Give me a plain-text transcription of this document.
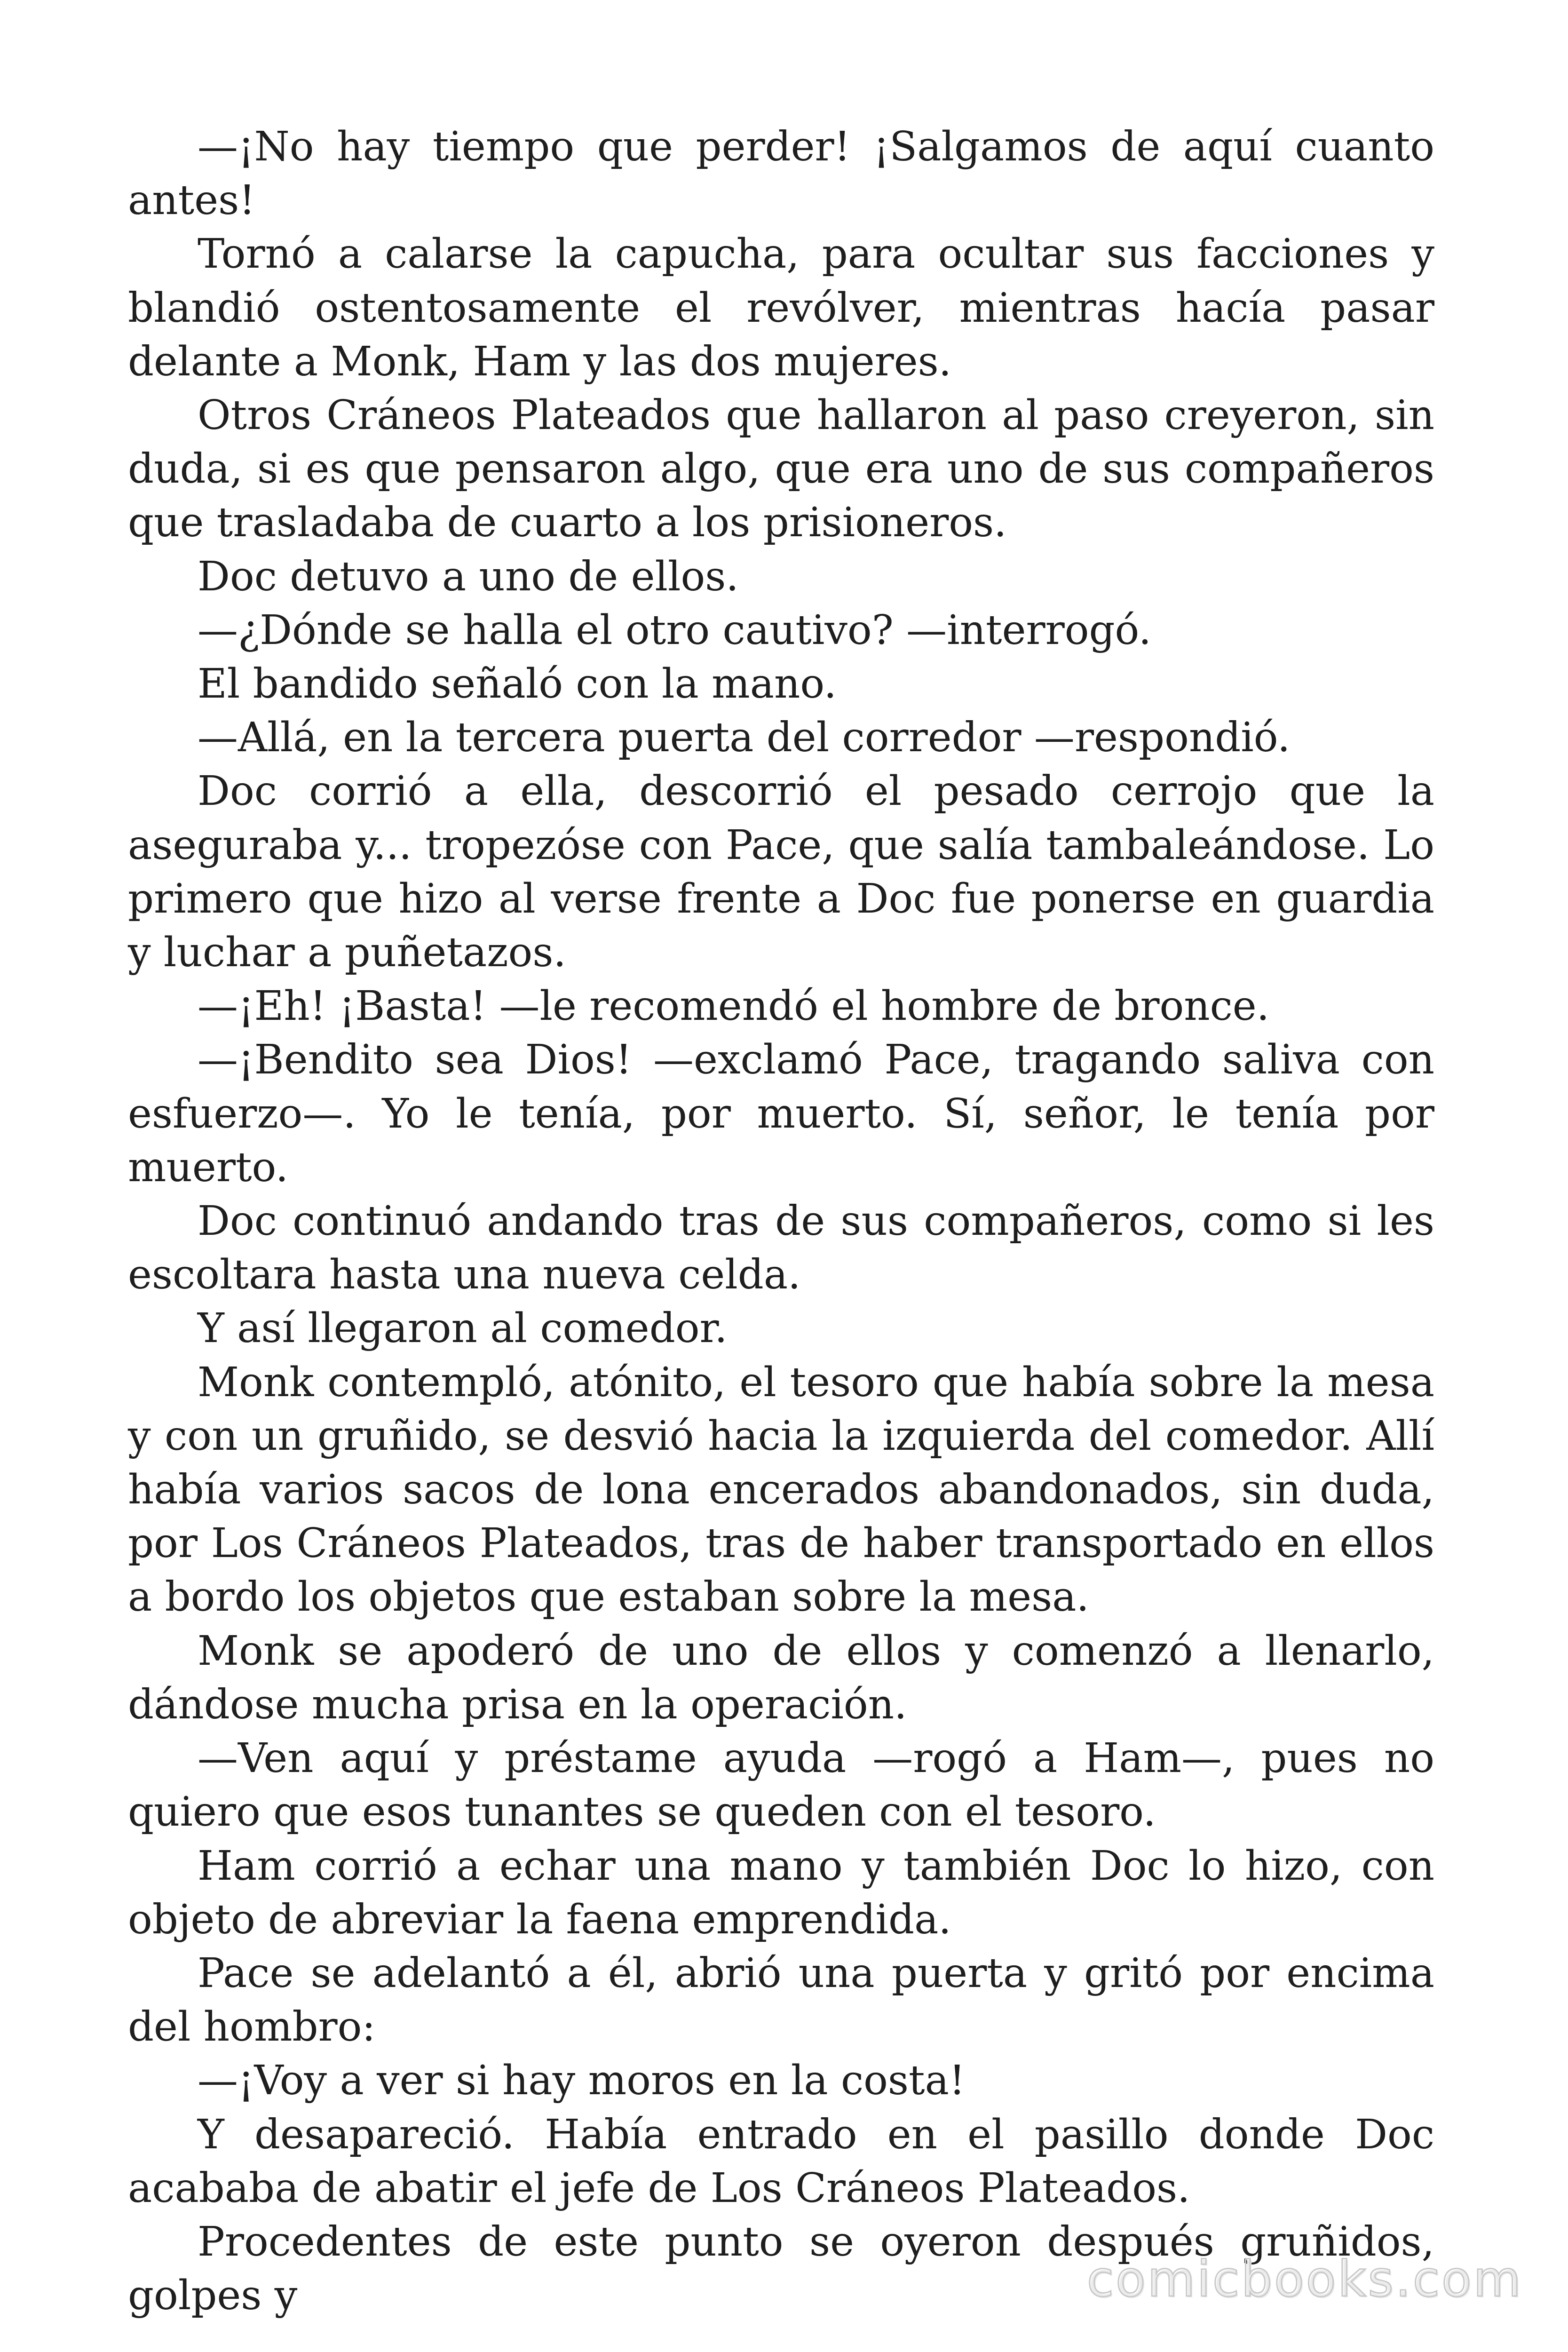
—¡No hay tiempo que perder! ¡Salgamos de aquí cuanto antes!

Tornó a calarse la capucha, para ocultar sus facciones y blandió ostentosamente el revólver, mientras hacía pasar delante a Monk, Ham y las dos mujeres.

Otros Cráneos Plateados que hallaron al paso creyeron, sin duda, si es que pensaron algo, que era uno de sus compañeros que trasladaba de cuarto a los prisioneros.

Doc detuvo a uno de ellos.

—¿Dónde se halla el otro cautivo? —interrogó.

El bandido señaló con la mano.

—Allá, en la tercera puerta del corredor —respondió.

Doc corrió a ella, descorrió el pesado cerrojo que la aseguraba y... tropezóse con Pace, que salía tambaleándose. Lo primero que hizo al verse frente a Doc fue ponerse en guardia y luchar a puñetazos.

—¡Eh! ¡Basta! —le recomendó el hombre de bronce.

—¡Bendito sea Dios! —exclamó Pace, tragando saliva con esfuerzo—. Yo le tenía, por muerto. Sí, señor, le tenía por muerto.

Doc continuó andando tras de sus compañeros, como si les escoltara hasta una nueva celda.

Y así llegaron al comedor.

Monk contempló, atónito, el tesoro que había sobre la mesa y con un gruñido, se desvió hacia la izquierda del comedor. Allí había varios sacos de lona encerados abandonados, sin duda, por Los Cráneos Plateados, tras de haber transportado en ellos a bordo los objetos que estaban sobre la mesa.

Monk se apoderó de uno de ellos y comenzó a llenarlo, dándose mucha prisa en la operación.

—Ven aquí y préstame ayuda —rogó a Ham—, pues no quiero que esos tunantes se queden con el tesoro.

Ham corrió a echar una mano y también Doc lo hizo, con objeto de abreviar la faena emprendida.

Pace se adelantó a él, abrió una puerta y gritó por encima del hombro:

—¡Voy a ver si hay moros en la costa!

Y desapareció. Había entrado en el pasillo donde Doc acababa de abatir el jefe de Los Cráneos Plateados.

Procedentes de este punto se oyeron después gruñidos, golpes y	comicbooks.com
